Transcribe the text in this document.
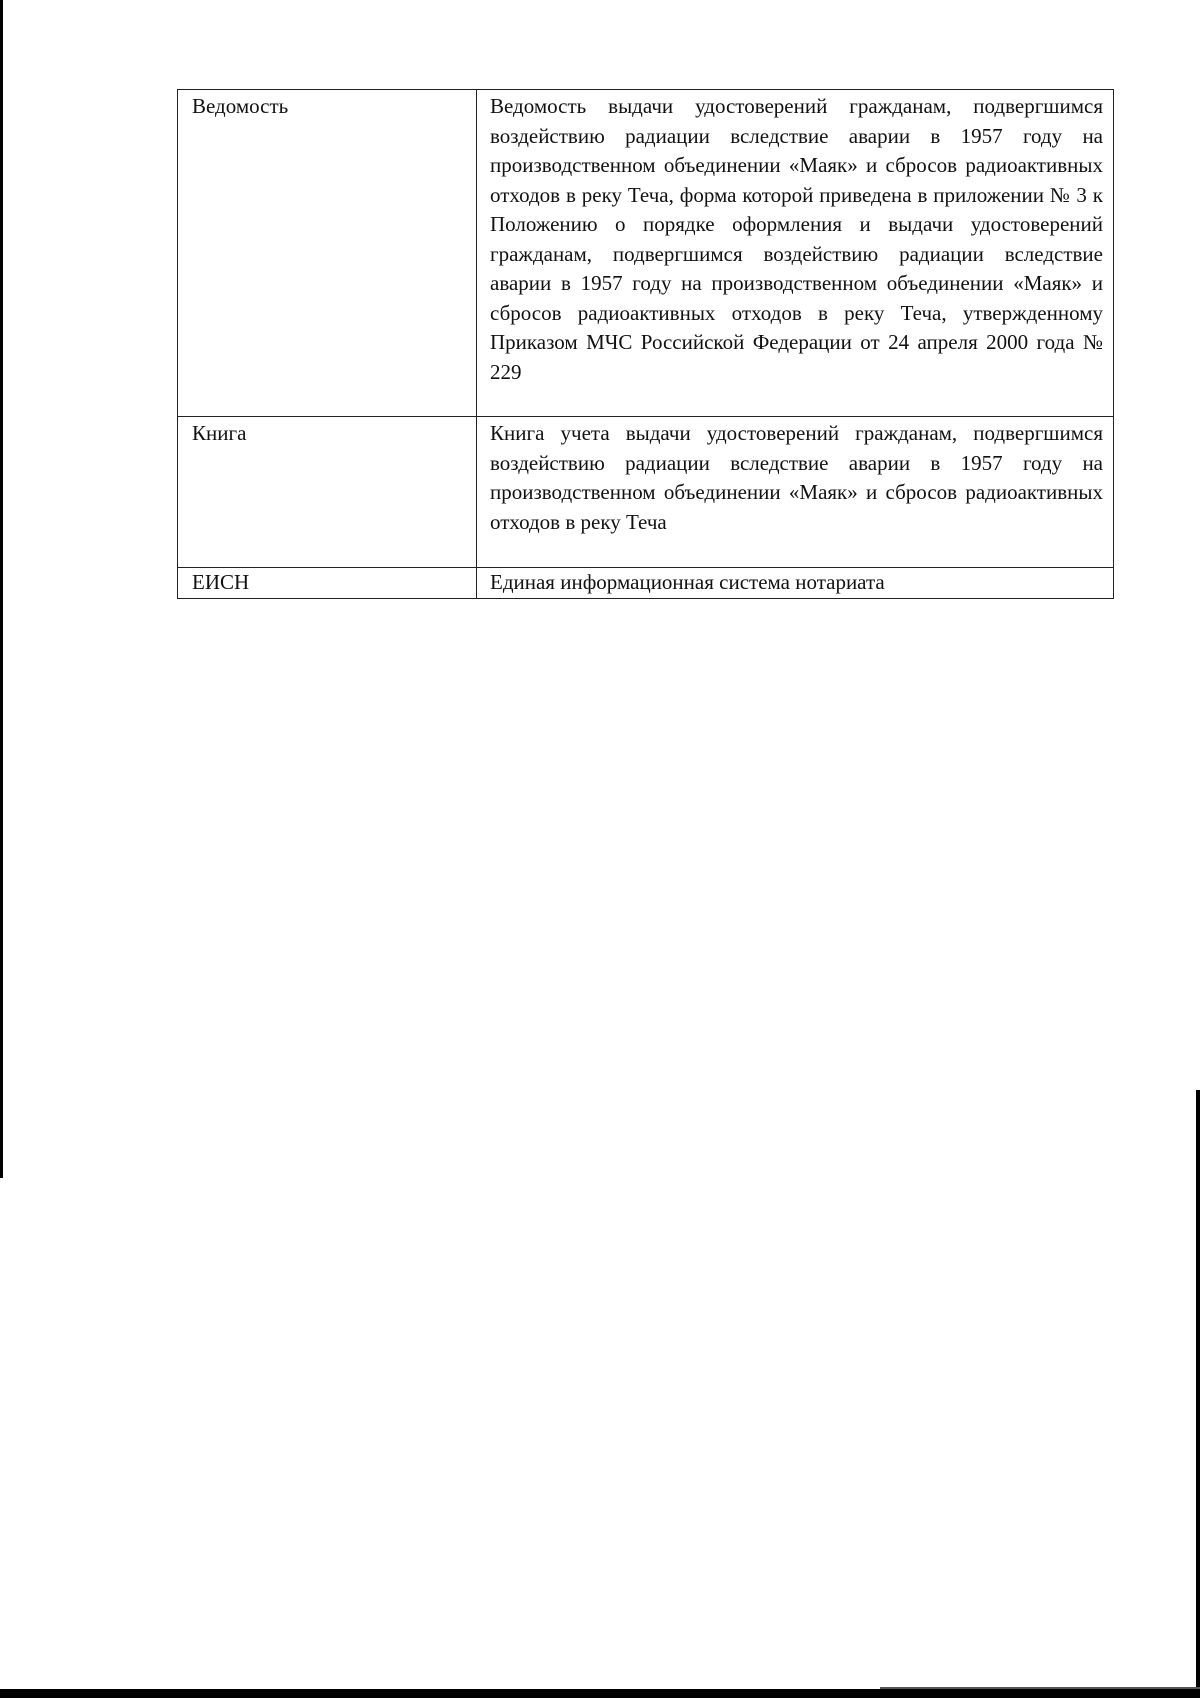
Ведомость	Ведомость выдачи удостоверений гражданам, подвергшимся воздействию радиации вследствие аварии в 1957 году на производственном объединении «Маяк» и сбросов радиоактивных отходов в реку Теча, форма которой приведена в приложении № 3 к Положению о порядке оформления и выдачи удостоверений гражданам, подвергшимся воздействию радиации вследствие аварии в 1957 году на производственном объединении «Маяк» и сбросов радиоактивных отходов в реку Теча, утвержденному Приказом МЧС Российской Федерации от 24 апреля 2000 года № 229
Книга	Книга учета выдачи удостоверений гражданам, подвергшимся воздействию радиации вследствие аварии в 1957 году на производственном объединении «Маяк» и сбросов радиоактивных отходов в реку Теча
ЕИСН	Единая информационная система нотариата
